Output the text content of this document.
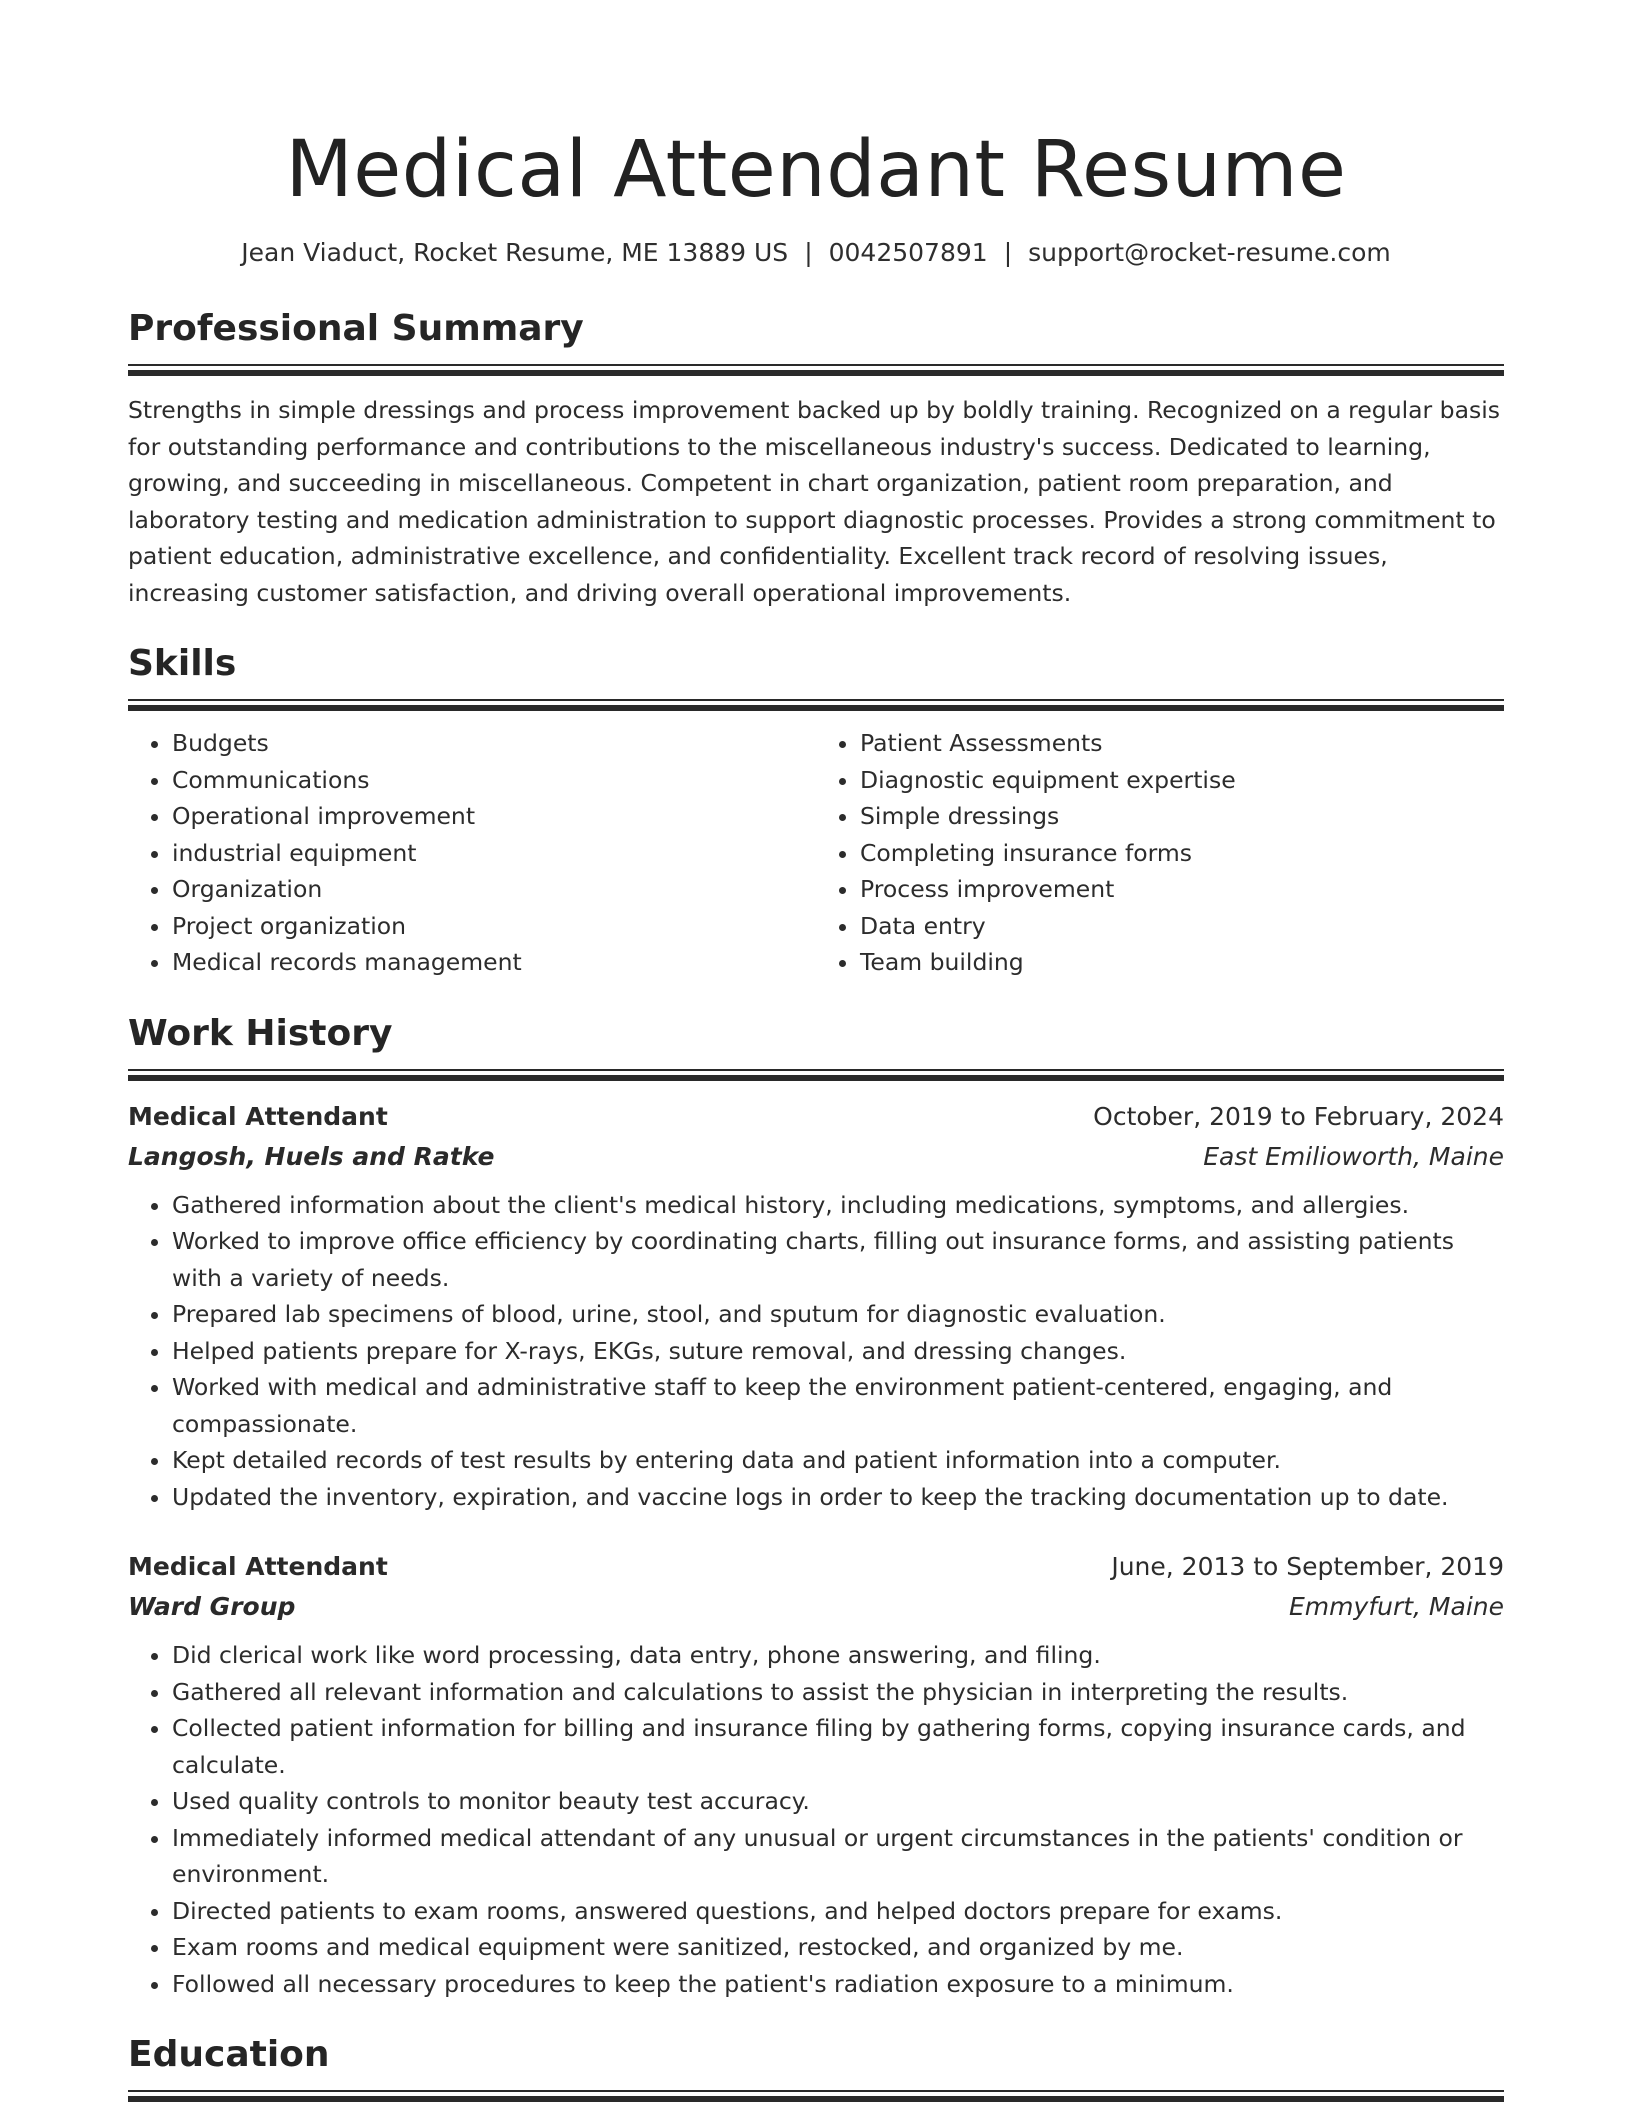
Medical Attendant Resume
Jean Viaduct, Rocket Resume, ME 13889 US | 0042507891 | support@rocket-resume.com
Professional Summary
Strengths in simple dressings and process improvement backed up by boldly training. Recognized on a regular basis for outstanding performance and contributions to the miscellaneous industry's success. Dedicated to learning, growing, and succeeding in miscellaneous. Competent in chart organization, patient room preparation, and laboratory testing and medication administration to support diagnostic processes. Provides a strong commitment to patient education, administrative excellence, and confidentiality. Excellent track record of resolving issues, increasing customer satisfaction, and driving overall operational improvements.
Skills
• Budgets
• Communications
• Operational improvement
• industrial equipment
• Organization
• Project organization
• Medical records management
• Patient Assessments
• Diagnostic equipment expertise
• Simple dressings
• Completing insurance forms
• Process improvement
• Data entry
• Team building
Work History
Medical Attendant	October, 2019 to February, 2024
Langosh, Huels and Ratke	East Emilioworth, Maine
• Gathered information about the client's medical history, including medications, symptoms, and allergies.
• Worked to improve office efficiency by coordinating charts, filling out insurance forms, and assisting patients with a variety of needs.
• Prepared lab specimens of blood, urine, stool, and sputum for diagnostic evaluation.
• Helped patients prepare for X-rays, EKGs, suture removal, and dressing changes.
• Worked with medical and administrative staff to keep the environment patient-centered, engaging, and compassionate.
• Kept detailed records of test results by entering data and patient information into a computer.
• Updated the inventory, expiration, and vaccine logs in order to keep the tracking documentation up to date.
Medical Attendant	June, 2013 to September, 2019
Ward Group	Emmyfurt, Maine
• Did clerical work like word processing, data entry, phone answering, and filing.
• Gathered all relevant information and calculations to assist the physician in interpreting the results.
• Collected patient information for billing and insurance filing by gathering forms, copying insurance cards, and calculate.
• Used quality controls to monitor beauty test accuracy.
• Immediately informed medical attendant of any unusual or urgent circumstances in the patients' condition or environment.
• Directed patients to exam rooms, answered questions, and helped doctors prepare for exams.
• Exam rooms and medical equipment were sanitized, restocked, and organized by me.
• Followed all necessary procedures to keep the patient's radiation exposure to a minimum.
Education
